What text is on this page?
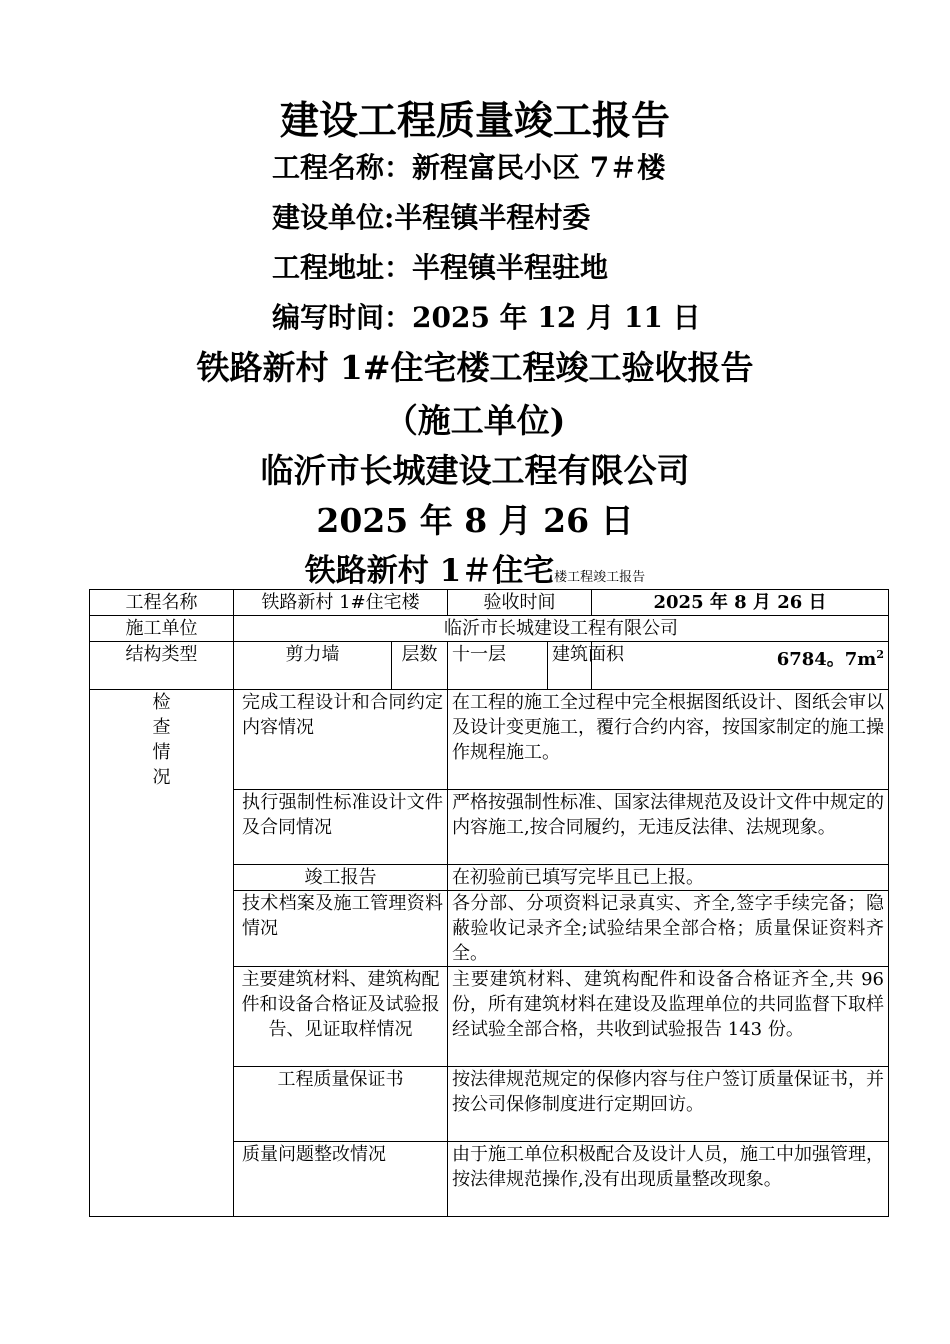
建设工程质量竣工报告
工程名称：新程富民小区 7＃楼
建设单位:半程镇半程村委
工程地址：半程镇半程驻地
编写时间：2025 年 12 月 11 日
铁路新村 1#住宅楼工程竣工验收报告
（施工单位)
临沂市长城建设工程有限公司
2025 年 8 月 26 日
铁路新村 1＃住宅楼工程竣工报告
工程名称	铁路新村 1#住宅楼		验收时间		2025 年 8 月 26 日
施工单位	临沂市长城建设工程有限公司				
结构类型	剪力墙	层数	十一层	建筑面积	6784。$7m^2$

检
查
情
况	完成工程设计和合同约定内容情况		在工程的施工全过程中完全根据图纸设计、图纸会审以及设计变更施工，覆行合约内容，按国家制定的施工操作规程施工。		
	执行强制性标准设计文件及合同情况		严格按强制性标准、国家法律规范及设计文件中规定的内容施工,按合同履约，无违反法律、法规现象。		
	竣工报告		在初验前已填写完毕且已上报。		
	技术档案及施工管理资料情况		各分部、分项资料记录真实、齐全,签字手续完备；隐蔽验收记录齐全;试验结果全部合格；质量保证资料齐全。		
	主要建筑材料、建筑构配件和设备合格证及试验报告、见证取样情况		主要建筑材料、建筑构配件和设备合格证齐全,共 96 份，所有建筑材料在建设及监理单位的共同监督下取样经试验全部合格，共收到试验报告 143 份。		
	工程质量保证书		按法律规范规定的保修内容与住户签订质量保证书，并按公司保修制度进行定期回访。		
	质量问题整改情况		由于施工单位积极配合及设计人员，施工中加强管理，按法律规范操作,没有出现质量整改现象。		
